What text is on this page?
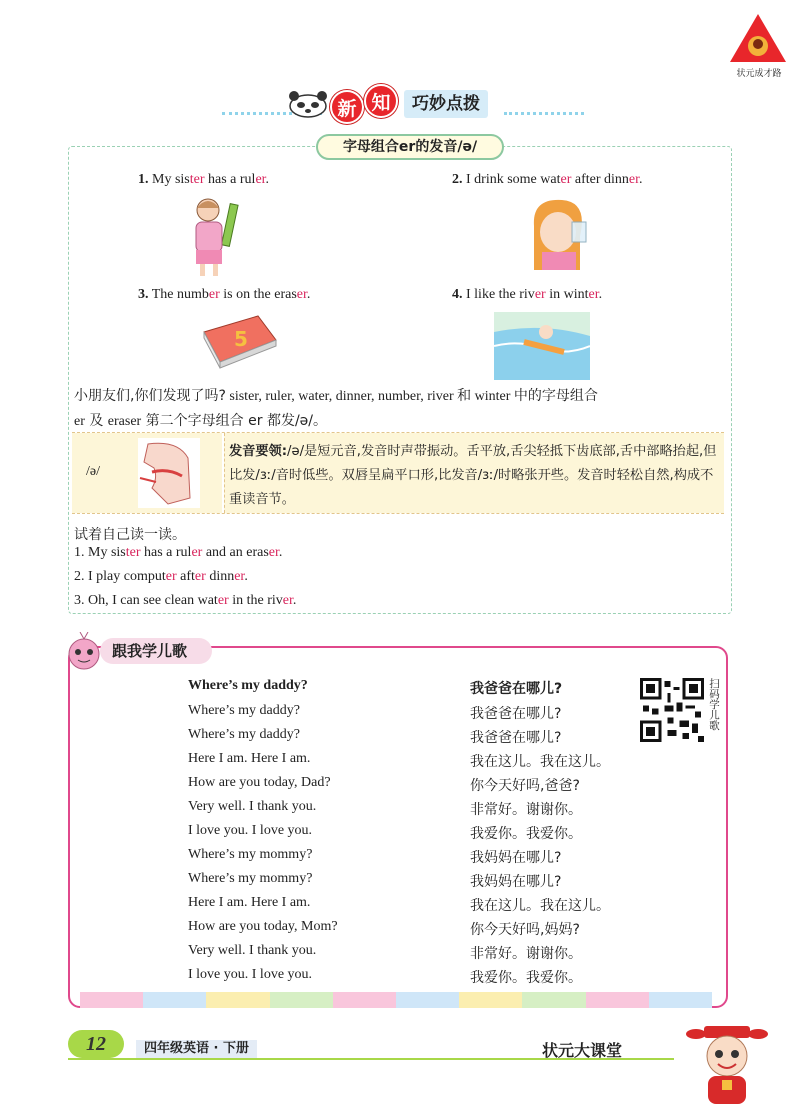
状元成才路
新 知	巧妙点拨
字母组合er的发音/ə/
1. My sister has a ruler.	2. I drink some water after dinner.
3. The number is on the eraser.	4. I like the river in winter.
5
小朋友们,你们发现了吗? sister, ruler, water, dinner, number, river 和 winter 中的字母组合
er 及 eraser 第二个字母组合 er 都发/ə/。
/ə/
发音要领:/ə/是短元音,发音时声带振动。舌平放,舌尖轻抵下齿底部,舌中部略抬起,但比发/ɜː/音时低些。双唇呈扁平口形,比发音/ɜː/时略张开些。发音时轻松自然,构成不重读音节。
试着自己读一读。
1. My sister has a ruler and an eraser.
2. I play computer after dinner.
3. Oh, I can see clean water in the river.
跟我学儿歌
Where’s my daddy?	我爸爸在哪儿?
Where’s my daddy?
Where’s my daddy?
Here I am. Here I am.
How are you today, Dad?
Very well. I thank you.
I love you. I love you.
Where’s my mommy?
Where’s my mommy?
Here I am. Here I am.
How are you today, Mom?
Very well. I thank you.
I love you. I love you.
我爸爸在哪儿?
我爸爸在哪儿?
我在这儿。我在这儿。
你今天好吗,爸爸?
非常好。谢谢你。
我爱你。我爱你。
我妈妈在哪儿?
我妈妈在哪儿?
我在这儿。我在这儿。
你今天好吗,妈妈?
非常好。谢谢你。
我爱你。我爱你。
扫码学儿歌
12	四年级英语 · 下册	状元大课堂
